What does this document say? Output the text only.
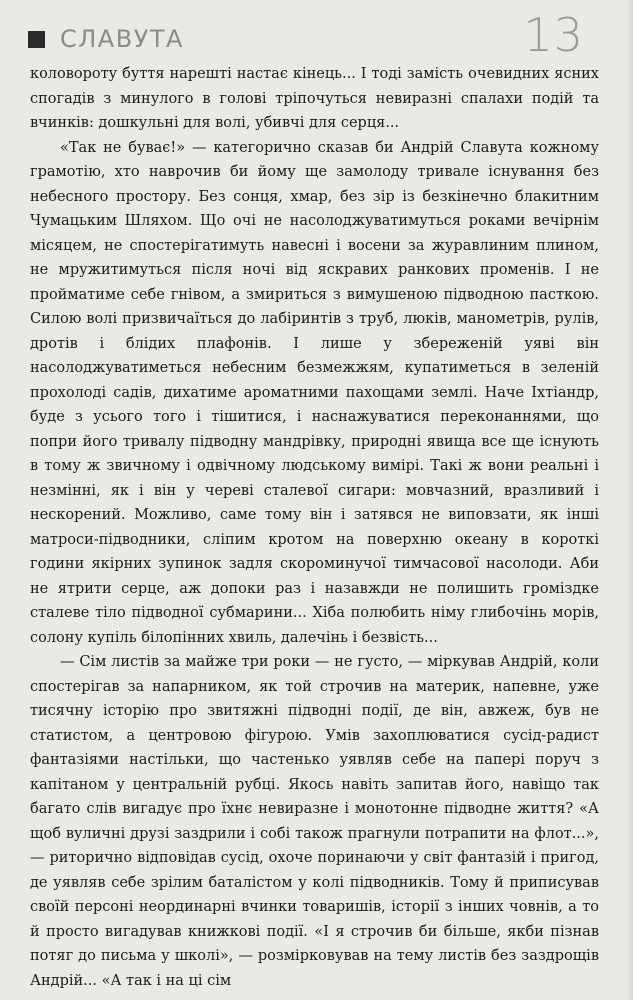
СЛАВУТА	13

коловороту буття нарешті настає кінець... І тоді замість очевидних ясних спогадів з минулого в голові тріпочуться невиразні спалахи подій та вчинків: дошкульні для волі, убивчі для серця...

«Так не буває!» — категорично сказав би Андрій Славута кожному грамотію, хто наврочив би йому ще замолоду тривале існування без небесного простору. Без сонця, хмар, без зір із безкінечно блакитним Чумацьким Шляхом. Що очі не насолоджуватимуться роками вечірнім місяцем, не спостерігатимуть навесні і восени за журавлиним плином, не мружитимуться після ночі від яскравих ранкових променів. І не пройматиме себе гнівом, а змириться з вимушеною підводною пасткою. Силою волі призвичаїться до лабіринтів з труб, люків, манометрів, рулів, дротів і блідих плафонів. І лише у збереженій уяві він насолоджуватиметься небесним безмежжям, купатиметься в зеленій прохолоді садів, дихатиме ароматними пахощами землі. Наче Іхтіандр, буде з усього того і тішитися, і наснажуватися переконаннями, що попри його тривалу підводну мандрівку, природні явища все ще існують в тому ж звичному і одвічному людському вимірі. Такі ж вони реальні і незмінні, як і він у череві сталевої сигари: мовчазний, вразливий і нескорений. Можливо, саме тому він і затявся не виповзати, як інші матроси-підводники, сліпим кротом на поверхню океану в короткі години якірних зупинок задля скороминучої тимчасової насолоди. Аби не ятрити серце, аж допоки раз і назавжди не полишить громіздке сталеве тіло підводної субмарини... Хіба полюбить німу глибочінь морів, солону купіль білопінних хвиль, далечінь і безвість...

— Сім листів за майже три роки — не густо, — міркував Андрій, коли спостерігав за напарником, як той строчив на материк, напевне, уже тисячну історію про звитяжні підводні події, де він, авжеж, був не статистом, а центровою фігурою. Умів захоплюватися сусід-радист фантазіями настільки, що частенько уявляв себе на папері поруч з капітаном у центральній рубці. Якось навіть запитав його, навіщо так багато слів вигадує про їхнє невиразне і монотонне підводне життя? «А щоб вуличні друзі заздрили і собі також прагнули потрапити на флот...», — риторично відповідав сусід, охоче поринаючи у світ фантазій і пригод, де уявляв себе зрілим баталістом у колі підводників. Тому й приписував своїй персоні неординарні вчинки товаришів, історії з інших човнів, а то й просто вигадував книжкові події. «І я строчив би більше, якби пізнав потяг до письма у школі», — розмірковував на тему листів без заздрощів Андрій... «А так і на ці сім
